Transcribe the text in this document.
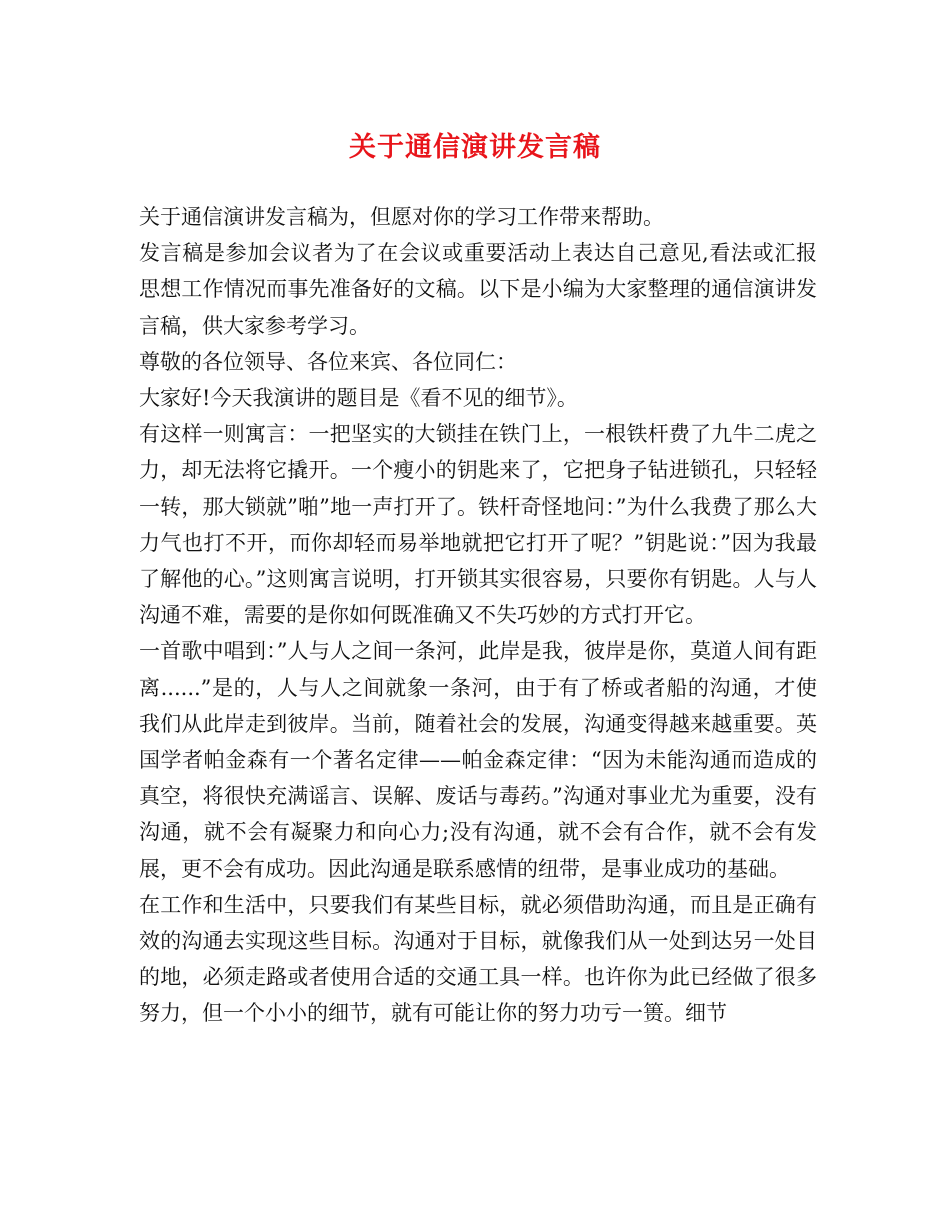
关于通信演讲发言稿

关于通信演讲发言稿为，但愿对你的学习工作带来帮助。

发言稿是参加会议者为了在会议或重要活动上表达自己意见,看法或汇报思想工作情况而事先准备好的文稿。以下是小编为大家整理的通信演讲发言稿，供大家参考学习。

尊敬的各位领导、各位来宾、各位同仁：

大家好!今天我演讲的题目是《看不见的细节》。

有这样一则寓言：一把坚实的大锁挂在铁门上，一根铁杆费了九牛二虎之力，却无法将它撬开。一个瘦小的钥匙来了，它把身子钻进锁孔，只轻轻一转，那大锁就”啪”地一声打开了。铁杆奇怪地问：”为什么我费了那么大力气也打不开，而你却轻而易举地就把它打开了呢？”钥匙说：”因为我最了解他的心。”这则寓言说明，打开锁其实很容易，只要你有钥匙。人与人沟通不难，需要的是你如何既准确又不失巧妙的方式打开它。

一首歌中唱到：”人与人之间一条河，此岸是我，彼岸是你，莫道人间有距离......”是的，人与人之间就象一条河，由于有了桥或者船的沟通，才使我们从此岸走到彼岸。当前，随着社会的发展，沟通变得越来越重要。英国学者帕金森有一个著名定律——帕金森定律：“因为未能沟通而造成的真空，将很快充满谣言、误解、废话与毒药。”沟通对事业尤为重要，没有沟通，就不会有凝聚力和向心力;没有沟通，就不会有合作，就不会有发展，更不会有成功。因此沟通是联系感情的纽带，是事业成功的基础。

在工作和生活中，只要我们有某些目标，就必须借助沟通，而且是正确有效的沟通去实现这些目标。沟通对于目标，就像我们从一处到达另一处目的地，必须走路或者使用合适的交通工具一样。也许你为此已经做了很多努力，但一个小小的细节，就有可能让你的努力功亏一篑。细节
